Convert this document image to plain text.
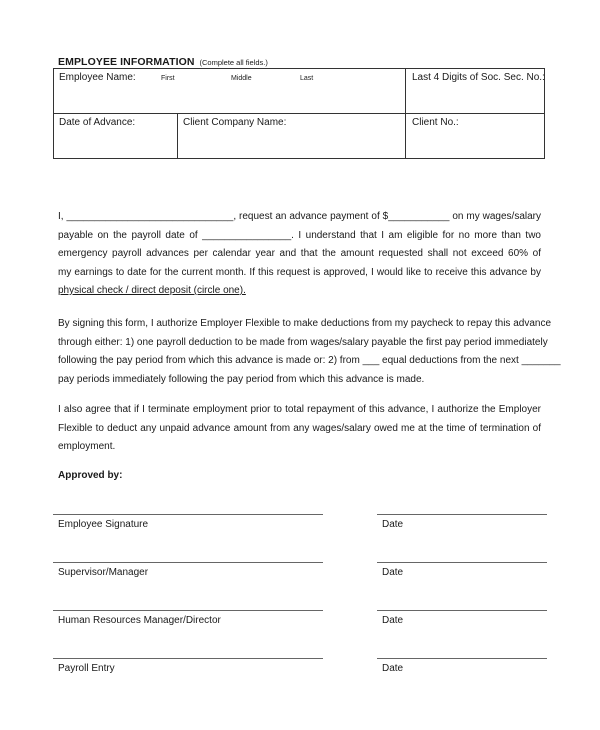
EMPLOYEE INFORMATION (Complete all fields.)
Employee Name:	First	Middle	Last	Last 4 Digits of Soc. Sec. No.:
Date of Advance:	Client Company Name:	Client No.:
I, ______________________________, request an advance payment of $___________ on my wages/salary
payable on the payroll date of ________________. I understand that I am eligible for no more than two
emergency payroll advances per calendar year and that the amount requested shall not exceed 60% of
my earnings to date for the current month. If this request is approved, I would like to receive this advance by
physical check / direct deposit (circle one).
By signing this form, I authorize Employer Flexible to make deductions from my paycheck to repay this advance
through either: 1) one payroll deduction to be made from wages/salary payable the first pay period immediately
following the pay period from which this advance is made or: 2) from ___ equal deductions from the next _______
pay periods immediately following the pay period from which this advance is made.
I also agree that if I terminate employment prior to total repayment of this advance, I authorize the Employer
Flexible to deduct any unpaid advance amount from any wages/salary owed me at the time of termination of
employment.
Approved by:
Employee Signature	Date
Supervisor/Manager	Date
Human Resources Manager/Director	Date
Payroll Entry	Date
